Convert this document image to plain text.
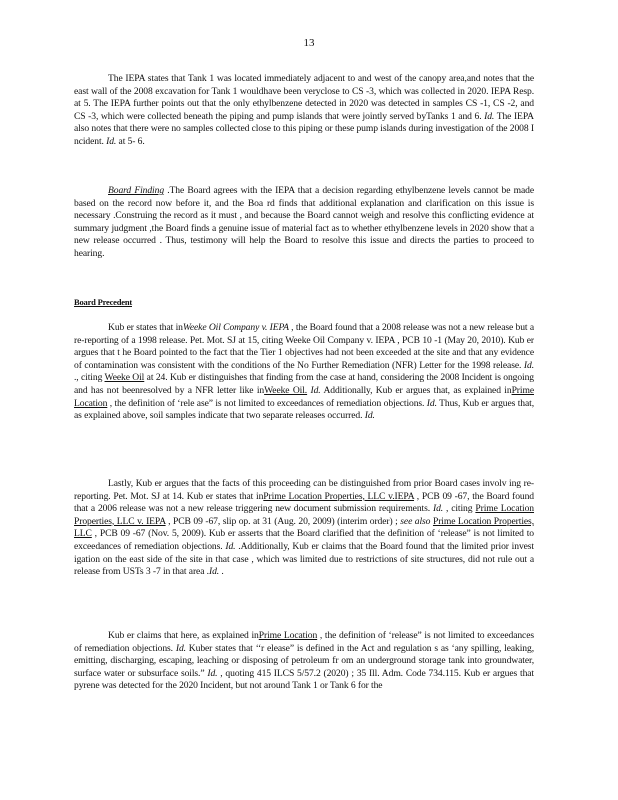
13

The IEPA states that Tank 1 was located immediately adjacent to and west of the canopy area,and notes that the east wall of the 2008 excavation for Tank 1 wouldhave been veryclose to CS -3, which was collected in 2020. IEPA Resp. at 5. The IEPA further points out that the only ethylbenzene detected in 2020 was detected in samples CS -1, CS -2, and CS -3, which were collected beneath the piping and pump islands that were jointly served byTanks 1 and 6. Id. The IEPA also notes that there were no samples collected close to this piping or these pump islands during investigation of the 2008 I ncident. Id. at 5- 6.

Board Finding .The Board agrees with the IEPA that a decision regarding ethylbenzene levels cannot be made based on the record now before it, and the Boa rd finds that additional explanation and clarification on this issue is necessary .Construing the record as it must , and because the Board cannot weigh and resolve this conflicting evidence at summary judgment ,the Board finds a genuine issue of material fact as to whether ethylbenzene levels in 2020 show that a new release occurred . Thus, testimony will help the Board to resolve this issue and directs the parties to proceed to hearing.

Board Precedent

Kub er states that inWeeke Oil Company v. IEPA , the Board found that a 2008 release was not a new release but a re-reporting of a 1998 release. Pet. Mot. SJ at 15, citing Weeke Oil Company v. IEPA , PCB 10 -1 (May 20, 2010). Kub er argues that t he Board pointed to the fact that the Tier 1 objectives had not been exceeded at the site and that any evidence of contamination was consistent with the conditions of the No Further Remediation (NFR) Letter for the 1998 release. Id. ., citing Weeke Oil at 24. Kub er distinguishes that finding from the case at hand, considering the 2008 Incident is ongoing and has not beenresolved by a NFR letter like inWeeke Oil. Id. Additionally, Kub er argues that, as explained inPrime Location , the definition of ‘rele ase” is not limited to exceedances of remediation objections. Id. Thus, Kub er argues that, as explained above, soil samples indicate that two separate releases occurred. Id.

Lastly, Kub er argues that the facts of this proceeding can be distinguished from prior Board cases involv ing re- reporting. Pet. Mot. SJ at 14. Kub er states that inPrime Location Properties, LLC v.IEPA , PCB 09 -67, the Board found that a 2006 release was not a new release triggering new document submission requirements. Id. , citing Prime Location Properties, LLC v. IEPA , PCB 09 -67, slip op. at 31 (Aug. 20, 2009) (interim order) ; see also Prime Location Properties, LLC , PCB 09 -67 (Nov. 5, 2009). Kub er asserts that the Board clarified that the definition of ‘release” is not limited to exceedances of remediation objections. Id. .Additionally, Kub er claims that the Board found that the limited prior invest igation on the east side of the site in that case , which was limited due to restrictions of site structures, did not rule out a release from USTs 3 -7 in that area .Id. .

Kub er claims that here, as explained inPrime Location , the definition of ‘release” is not limited to exceedances of remediation objections. Id. Kuber states that ‘‘r elease” is defined in the Act and regulation s as ‘any spilling, leaking, emitting, discharging, escaping, leaching or disposing of petroleum fr om an underground storage tank into groundwater, surface water or subsurface soils.” Id. , quoting 415 ILCS 5/57.2 (2020) ; 35 Ill. Adm. Code 734.115. Kub er argues that pyrene was detected for the 2020 Incident, but not around Tank 1 or Tank 6 for the
